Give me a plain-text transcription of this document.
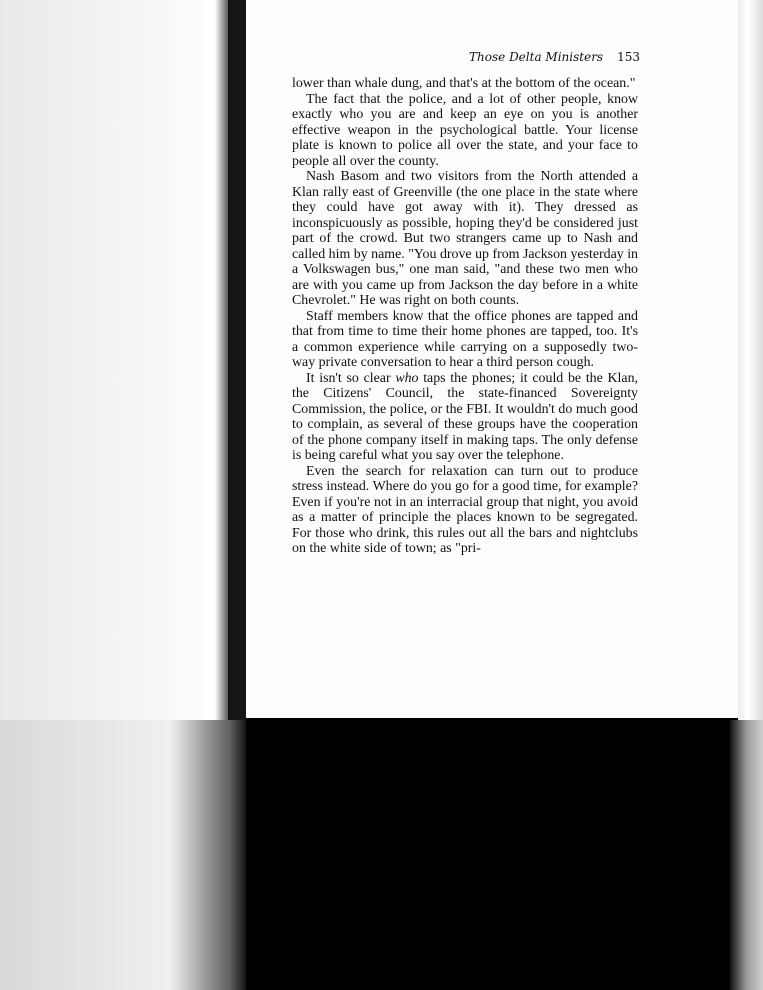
Those Delta Ministers 153

lower than whale dung, and that's at the bottom of the ocean."

The fact that the police, and a lot of other people, know exactly who you are and keep an eye on you is another effective weapon in the psychological battle. Your license plate is known to police all over the state, and your face to people all over the county.

Nash Basom and two visitors from the North attended a Klan rally east of Greenville (the one place in the state where they could have got away with it). They dressed as inconspicuously as possible, hoping they'd be considered just part of the crowd. But two strangers came up to Nash and called him by name. "You drove up from Jackson yesterday in a Volkswagen bus," one man said, "and these two men who are with you came up from Jackson the day before in a white Chevrolet." He was right on both counts.

Staff members know that the office phones are tapped and that from time to time their home phones are tapped, too. It's a common experience while carrying on a supposedly two-way private conversation to hear a third person cough.

It isn't so clear who taps the phones; it could be the Klan, the Citizens' Council, the state-financed Sovereignty Commission, the police, or the FBI. It wouldn't do much good to complain, as several of these groups have the cooperation of the phone company itself in making taps. The only defense is being careful what you say over the telephone.

Even the search for relaxation can turn out to produce stress instead. Where do you go for a good time, for example? Even if you're not in an interracial group that night, you avoid as a matter of principle the places known to be segregated. For those who drink, this rules out all the bars and nightclubs on the white side of town; as "pri-
